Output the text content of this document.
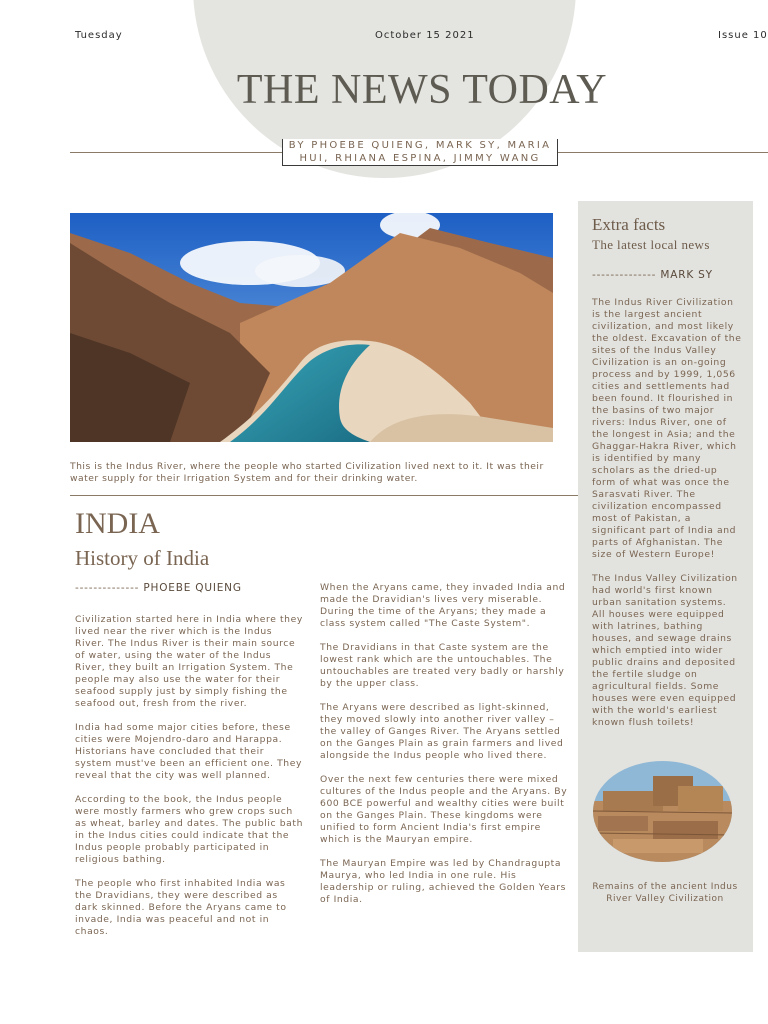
Tuesday	October 15 2021	Issue 10
THE NEWS TODAY
BY PHOEBE QUIENG, MARK SY, MARIA
HUI, RHIANA ESPINA, JIMMY WANG
This is the Indus River, where the people who started Civilization lived next to it. It was their water supply for their Irrigation System and for their drinking water.
INDIA
History of India
-------------- PHOEBE QUIENG

Civilization started here in India where they lived near the river which is the Indus River. The Indus River is their main source of water, using the water of the Indus River, they built an Irrigation System. The people may also use the water for their seafood supply just by simply fishing the seafood out, fresh from the river.

India had some major cities before, these cities were Mojendro-daro and Harappa. Historians have concluded that their system must've been an efficient one. They reveal that the city was well planned.

According to the book, the Indus people were mostly farmers who grew crops such as wheat, barley and dates. The public bath in the Indus cities could indicate that the Indus people probably participated in religious bathing.

The people who first inhabited India was the Dravidians, they were described as dark skinned. Before the Aryans came to invade, India was peaceful and not in chaos.

When the Aryans came, they invaded India and made the Dravidian's lives very miserable. During the time of the Aryans; they made a class system called "The Caste System".

The Dravidians in that Caste system are the lowest rank which are the untouchables. The untouchables are treated very badly or harshly by the upper class.

The Aryans were described as light-skinned, they moved slowly into another river valley – the valley of Ganges River. The Aryans settled on the Ganges Plain as grain farmers and lived alongside the Indus people who lived there.

Over the next few centuries there were mixed cultures of the Indus people and the Aryans. By 600 BCE powerful and wealthy cities were built on the Ganges Plain. These kingdoms were unified to form Ancient India's first empire which is the Mauryan empire.

The Mauryan Empire was led by Chandragupta Maurya, who led India in one rule. His leadership or ruling, achieved the Golden Years of India.

Extra facts
The latest local news
-------------- MARK SY

The Indus River Civilization is the largest ancient civilization, and most likely the oldest. Excavation of the sites of the Indus Valley Civilization is an on-going process and by 1999, 1,056 cities and settlements had been found. It flourished in the basins of two major rivers: Indus River, one of the longest in Asia; and the Ghaggar-Hakra River, which is identified by many scholars as the dried-up form of what was once the Sarasvati River. The civilization encompassed most of Pakistan, a significant part of India and parts of Afghanistan. The size of Western Europe!

The Indus Valley Civilization had world's first known urban sanitation systems. All houses were equipped with latrines, bathing houses, and sewage drains which emptied into wider public drains and deposited the fertile sludge on agricultural fields. Some houses were even equipped with the world's earliest known flush toilets!

Remains of the ancient Indus River Valley Civilization
